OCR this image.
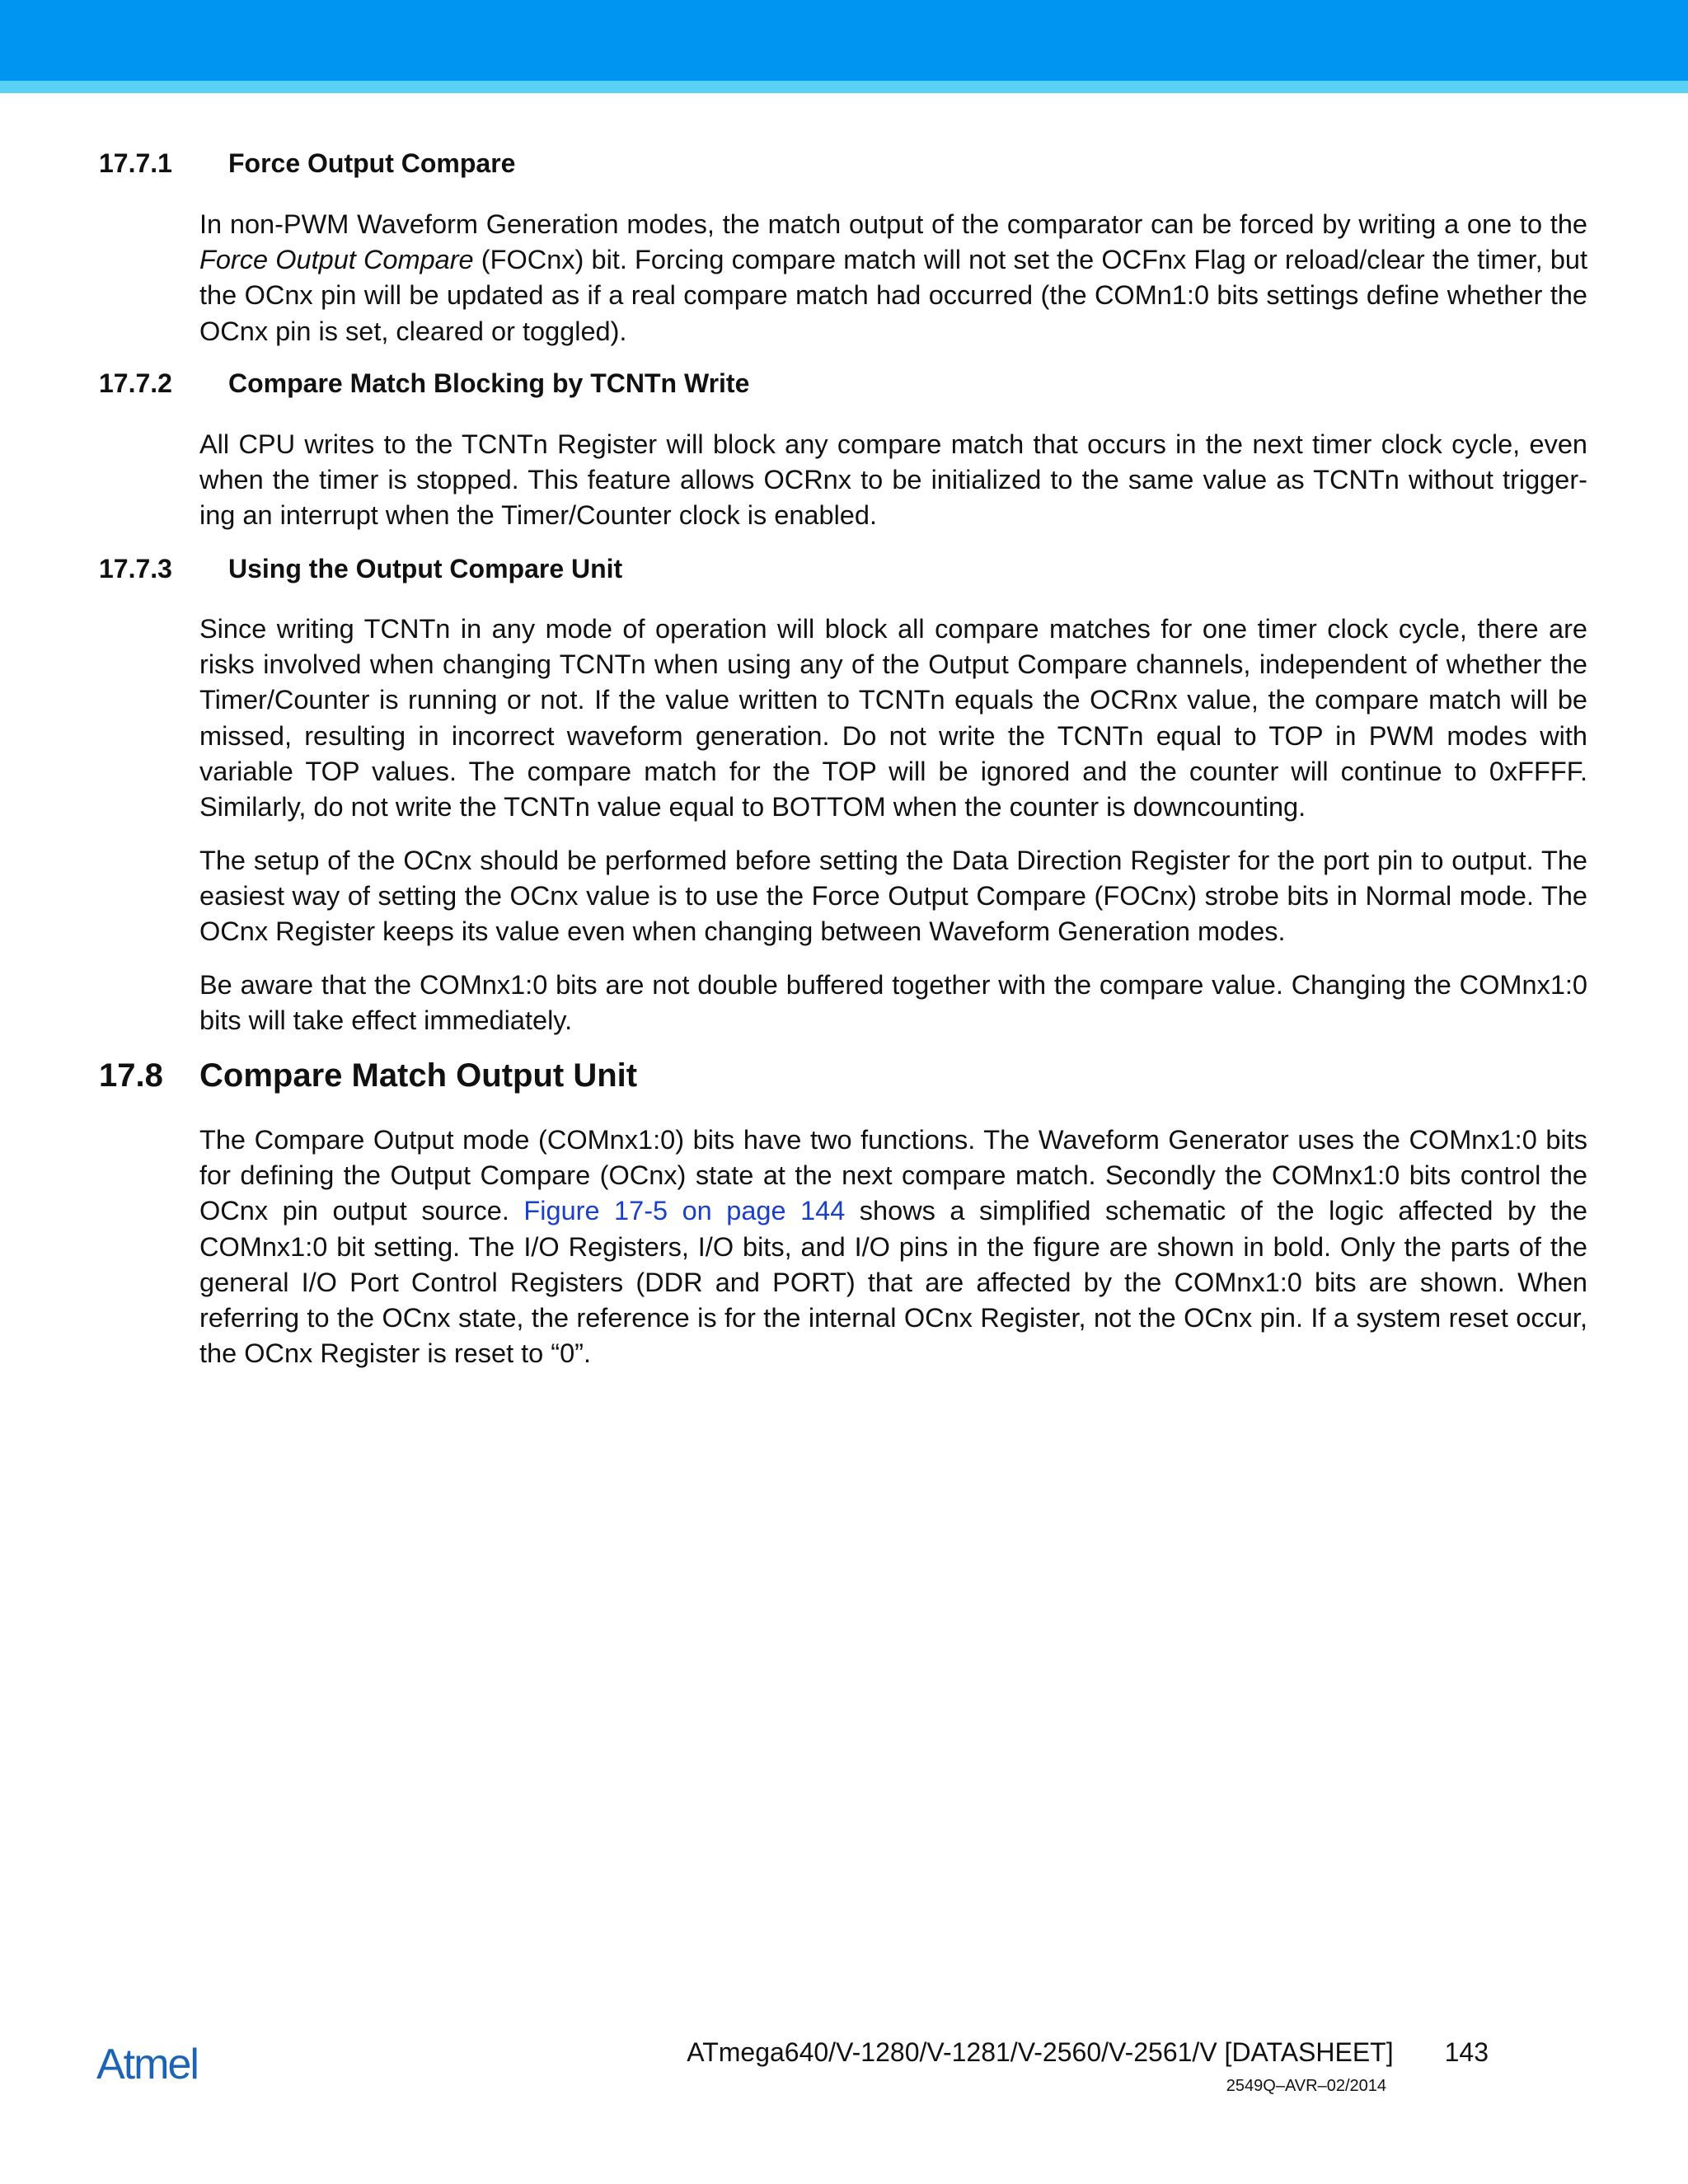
17.7.1 Force Output Compare

In non-PWM Waveform Generation modes, the match output of the comparator can be forced by writing a one to the Force Output Compare (FOCnx) bit. Forcing compare match will not set the OCFnx Flag or reload/clear the timer, but the OCnx pin will be updated as if a real compare match had occurred (the COMn1:0 bits settings define whether the OCnx pin is set, cleared or toggled).

17.7.2 Compare Match Blocking by TCNTn Write

All CPU writes to the TCNTn Register will block any compare match that occurs in the next timer clock cycle, even when the timer is stopped. This feature allows OCRnx to be initialized to the same value as TCNTn without trigger-ing an interrupt when the Timer/Counter clock is enabled.

17.7.3 Using the Output Compare Unit

Since writing TCNTn in any mode of operation will block all compare matches for one timer clock cycle, there are risks involved when changing TCNTn when using any of the Output Compare channels, independent of whether the Timer/Counter is running or not. If the value written to TCNTn equals the OCRnx value, the compare match will be missed, resulting in incorrect waveform generation. Do not write the TCNTn equal to TOP in PWM modes with variable TOP values. The compare match for the TOP will be ignored and the counter will continue to 0xFFFF. Similarly, do not write the TCNTn value equal to BOTTOM when the counter is downcounting.

The setup of the OCnx should be performed before setting the Data Direction Register for the port pin to output. The easiest way of setting the OCnx value is to use the Force Output Compare (FOCnx) strobe bits in Normal mode. The OCnx Register keeps its value even when changing between Waveform Generation modes.

Be aware that the COMnx1:0 bits are not double buffered together with the compare value. Changing the COMnx1:0 bits will take effect immediately.

17.8 Compare Match Output Unit

The Compare Output mode (COMnx1:0) bits have two functions. The Waveform Generator uses the COMnx1:0 bits for defining the Output Compare (OCnx) state at the next compare match. Secondly the COMnx1:0 bits control the OCnx pin output source. Figure 17-5 on page 144 shows a simplified schematic of the logic affected by the COMnx1:0 bit setting. The I/O Registers, I/O bits, and I/O pins in the figure are shown in bold. Only the parts of the general I/O Port Control Registers (DDR and PORT) that are affected by the COMnx1:0 bits are shown. When referring to the OCnx state, the reference is for the internal OCnx Register, not the OCnx pin. If a system reset occur, the OCnx Register is reset to “0”.

Atmel	ATmega640/V-1280/V-1281/V-2560/V-2561/V [DATASHEET] 143
2549Q–AVR–02/2014
